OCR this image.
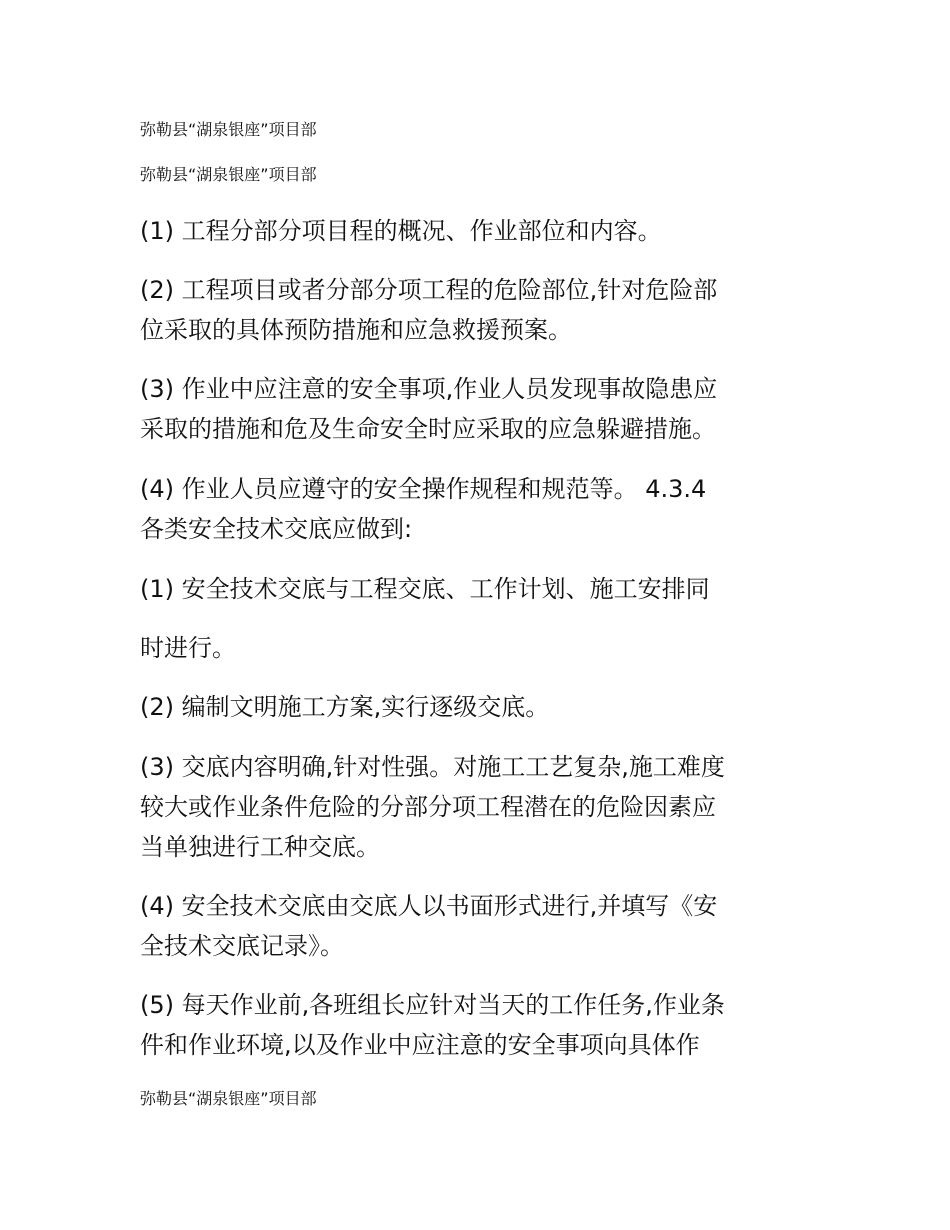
弥勒县“湖泉银座”项目部
弥勒县“湖泉银座”项目部
(1) 工程分部分项目程的概况、作业部位和内容。
(2) 工程项目或者分部分项工程的危险部位,针对危险部
位采取的具体预防措施和应急救援预案。
(3) 作业中应注意的安全事项,作业人员发现事故隐患应
采取的措施和危及生命安全时应采取的应急躲避措施。
(4) 作业人员应遵守的安全操作规程和规范等。 4.3.4
各类安全技术交底应做到:
(1) 安全技术交底与工程交底、工作计划、施工安排同
时进行。
(2) 编制文明施工方案,实行逐级交底。
(3) 交底内容明确,针对性强。对施工工艺复杂,施工难度
较大或作业条件危险的分部分项工程潜在的危险因素应
当单独进行工种交底。
(4) 安全技术交底由交底人以书面形式进行,并填写《安
全技术交底记录》。
(5) 每天作业前,各班组长应针对当天的工作任务,作业条
件和作业环境,以及作业中应注意的安全事项向具体作
弥勒县“湖泉银座”项目部
